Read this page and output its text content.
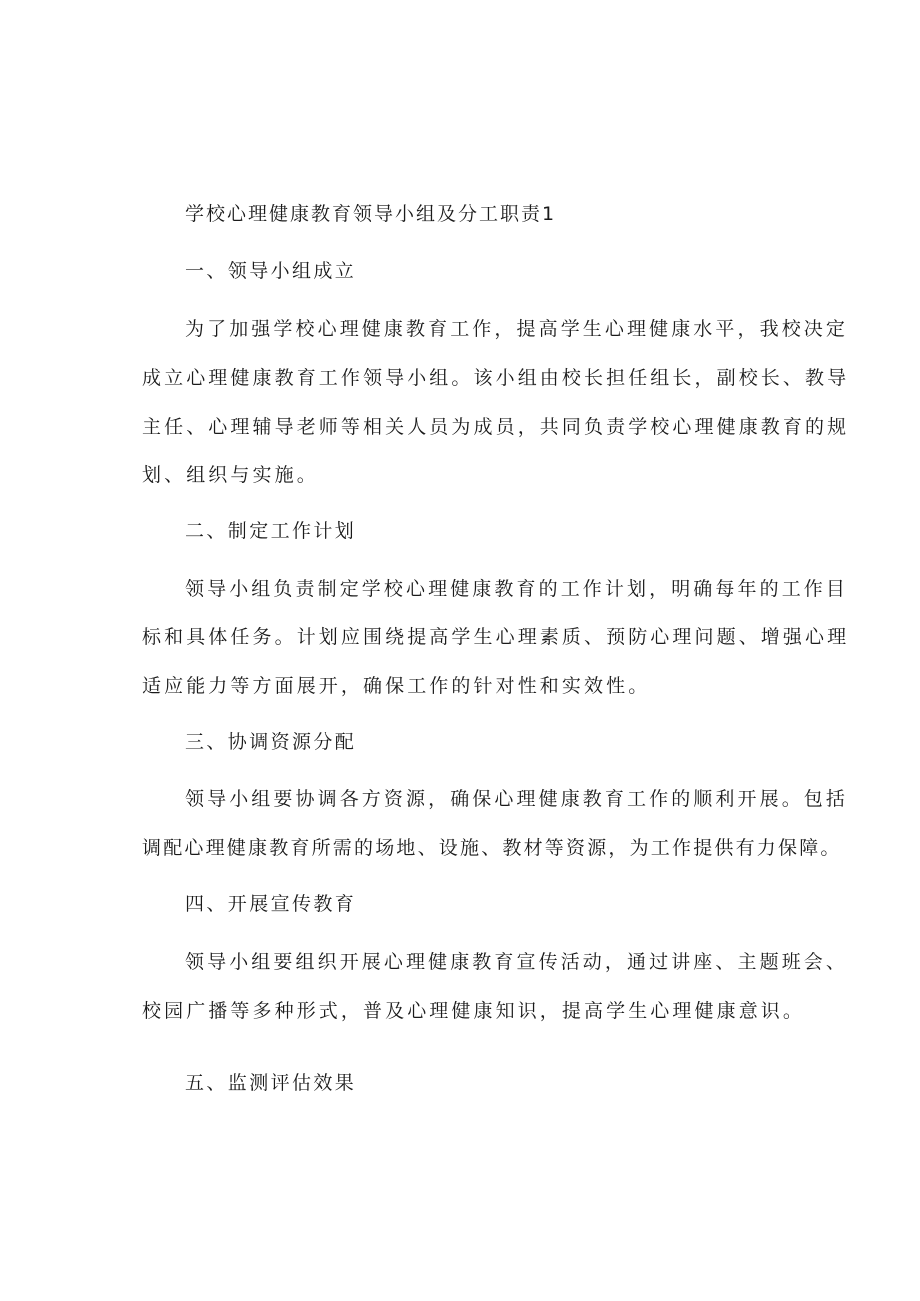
学校心理健康教育领导小组及分工职责1
一、领导小组成立
为了加强学校心理健康教育工作，提高学生心理健康水平，我校决定
成立心理健康教育工作领导小组。该小组由校长担任组长，副校长、教导
主任、心理辅导老师等相关人员为成员，共同负责学校心理健康教育的规
划、组织与实施。
二、制定工作计划
领导小组负责制定学校心理健康教育的工作计划，明确每年的工作目
标和具体任务。计划应围绕提高学生心理素质、预防心理问题、增强心理
适应能力等方面展开，确保工作的针对性和实效性。
三、协调资源分配
领导小组要协调各方资源，确保心理健康教育工作的顺利开展。包括
调配心理健康教育所需的场地、设施、教材等资源，为工作提供有力保障。
四、开展宣传教育
领导小组要组织开展心理健康教育宣传活动，通过讲座、主题班会、
校园广播等多种形式，普及心理健康知识，提高学生心理健康意识。
五、监测评估效果
